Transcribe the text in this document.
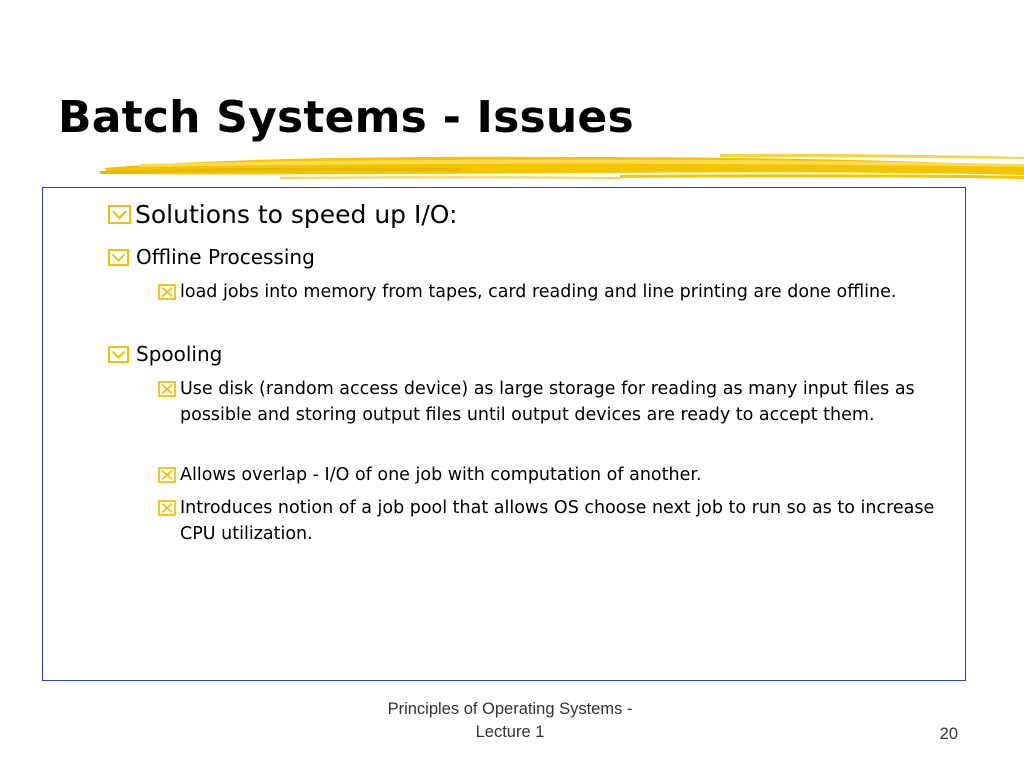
Batch Systems - Issues
Solutions to speed up I/O:
Offline Processing
load jobs into memory from tapes, card reading and line printing are done offline.
Spooling
Use disk (random access device) as large storage for reading as many input files as possible and storing output files until output devices are ready to accept them.
Allows overlap - I/O of one job with computation of another.
Introduces notion of a job pool that allows OS choose next job to run so as to increase CPU utilization.
Principles of Operating Systems -
Lecture 1	20
